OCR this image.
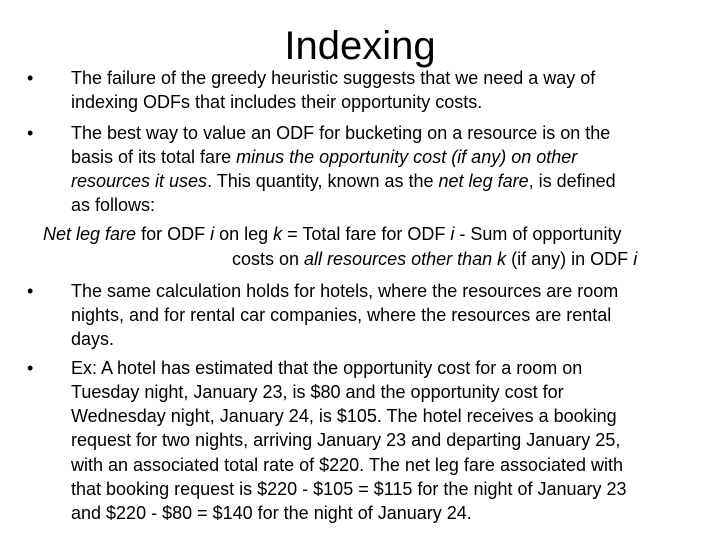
Indexing
• The failure of the greedy heuristic suggests that we need a way of
indexing ODFs that includes their opportunity costs.
• The best way to value an ODF for bucketing on a resource is on the
basis of its total fare minus the opportunity cost (if any) on other
resources it uses. This quantity, known as the net leg fare, is defined
as follows:
Net leg fare for ODF i on leg k = Total fare for ODF i - Sum of opportunity
costs on all resources other than k (if any) in ODF i
• The same calculation holds for hotels, where the resources are room
nights, and for rental car companies, where the resources are rental
days.
• Ex: A hotel has estimated that the opportunity cost for a room on
Tuesday night, January 23, is $80 and the opportunity cost for
Wednesday night, January 24, is $105. The hotel receives a booking
request for two nights, arriving January 23 and departing January 25,
with an associated total rate of $220. The net leg fare associated with
that booking request is $220 - $105 = $115 for the night of January 23
and $220 - $80 = $140 for the night of January 24.
